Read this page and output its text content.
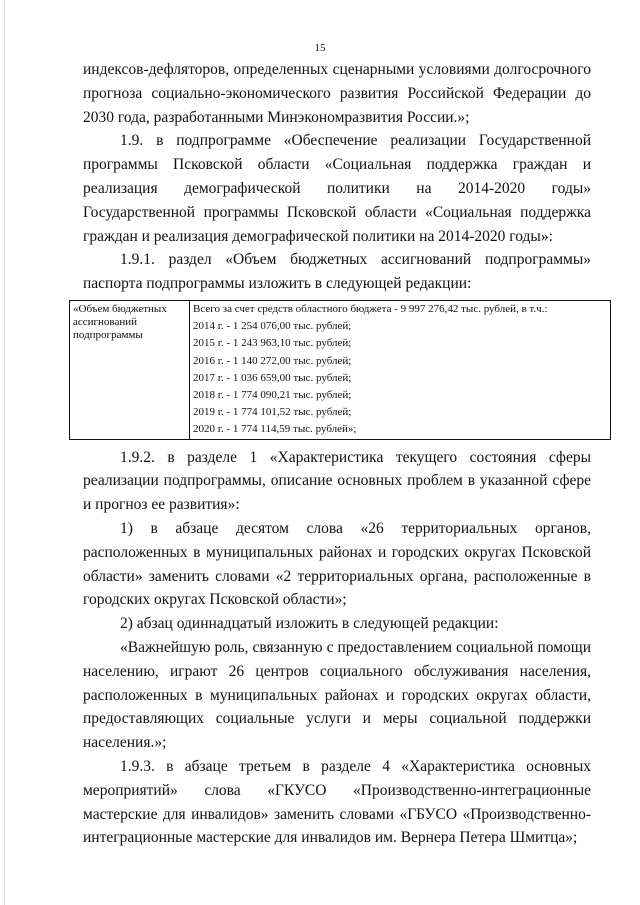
15

индексов-дефляторов, определенных сценарными условиями долгосрочного прогноза социально-экономического развития Российской Федерации до 2030 года, разработанными Минэкономразвития России.»;

1.9. в подпрограмме «Обеспечение реализации Государственной программы Псковской области «Социальная поддержка граждан и реализация демографической политики на 2014-2020 годы» Государственной программы Псковской области «Социальная поддержка граждан и реализация демографической политики на 2014-2020 годы»:

1.9.1. раздел «Объем бюджетных ассигнований подпрограммы» паспорта подпрограммы изложить в следующей редакции:

«Объем бюджетных ассигнований подпрограммы	
Всего за счет средств областного бюджета - 9 997 276,42 тыс. рублей, в т.ч.:
2014 г. - 1 254 076,00 тыс. рублей;
2015 г. - 1 243 963,10 тыс. рублей;
2016 г. - 1 140 272,00 тыс. рублей;
2017 г. - 1 036 659,00 тыс. рублей;
2018 г. - 1 774 090,21 тыс. рублей;
2019 г. - 1 774 101,52 тыс. рублей;
2020 г. - 1 774 114,59 тыс. рублей»;

1.9.2. в разделе 1 «Характеристика текущего состояния сферы реализации подпрограммы, описание основных проблем в указанной сфере и прогноз ее развития»:

1) в абзаце десятом слова «26 территориальных органов, расположенных в муниципальных районах и городских округах Псковской области» заменить словами «2 территориальных органа, расположенные в городских округах Псковской области»;

2) абзац одиннадцатый изложить в следующей редакции:

«Важнейшую роль, связанную с предоставлением социальной помощи населению, играют 26 центров социального обслуживания населения, расположенных в муниципальных районах и городских округах области, предоставляющих социальные услуги и меры социальной поддержки населения.»;

1.9.3. в абзаце третьем в разделе 4 «Характеристика основных мероприятий» слова «ГКУСО «Производственно-интеграционные мастерские для инвалидов» заменить словами «ГБУСО «Производственно-интеграционные мастерские для инвалидов им. Вернера Петера Шмитца»;
